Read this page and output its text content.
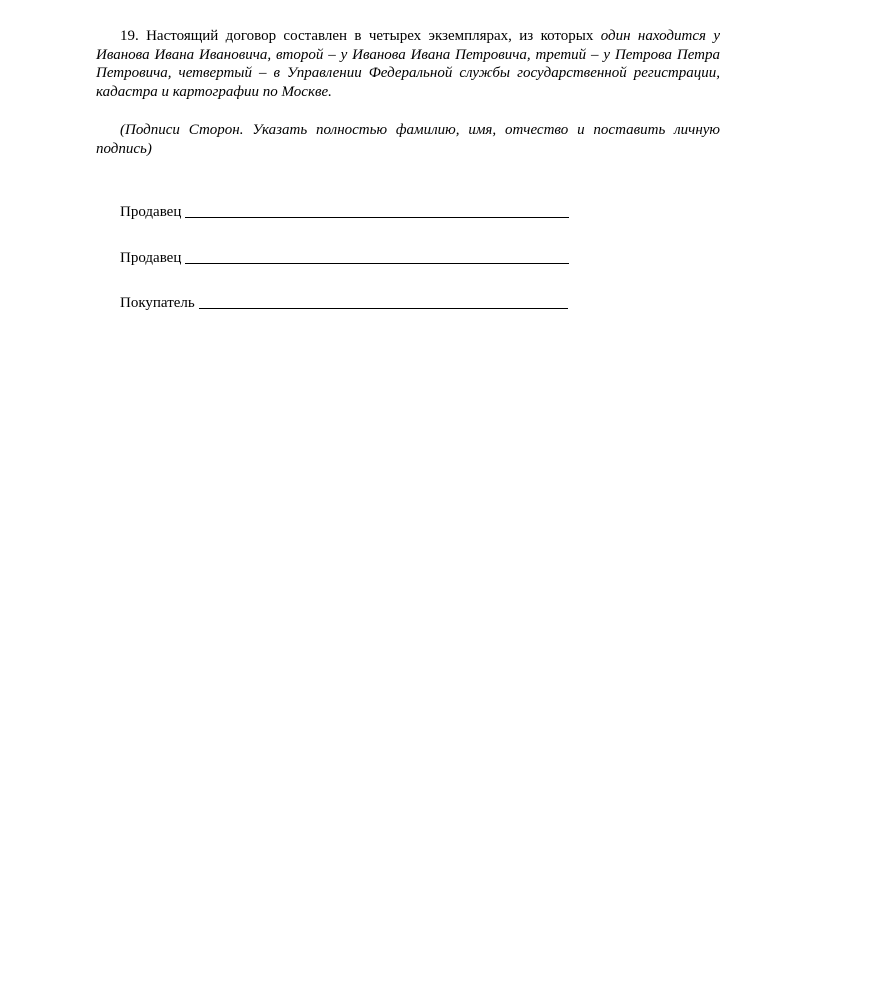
19. Настоящий договор составлен в четырех экземплярах, из которых один находится у Иванова Ивана Ивановича, второй – у Иванова Ивана Петровича, третий – у Петрова Петра Петровича, четвертый – в Управлении Федеральной службы государственной регистрации, кадастра и картографии по Москве.

(Подписи Сторон. Указать полностью фамилию, имя, отчество и поставить личную подпись)

Продавец
Продавец
Покупатель
